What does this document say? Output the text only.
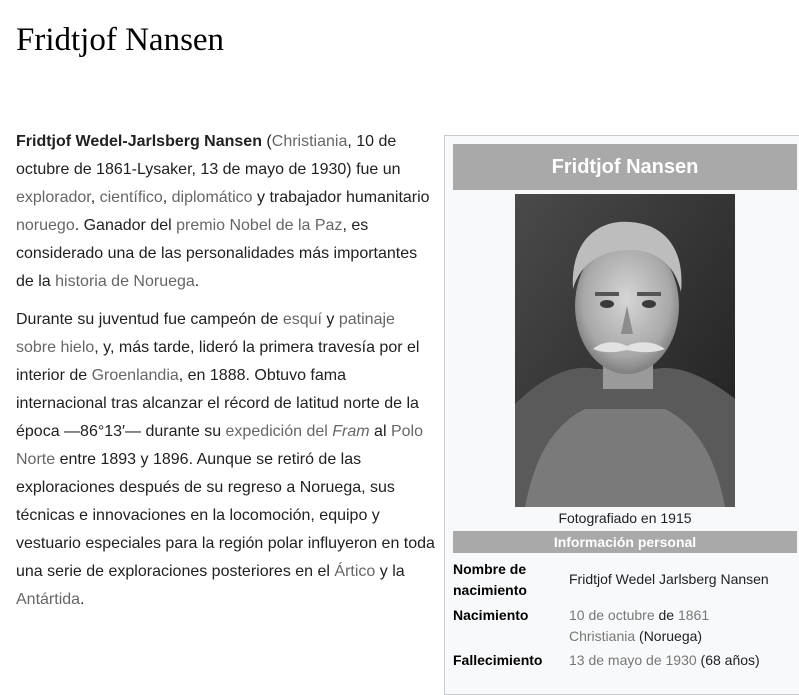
Fridtjof Nansen

Fridtjof Wedel-Jarlsberg Nansen (Christiania, 10 de octubre de 1861-Lysaker, 13 de mayo de 1930) fue un explorador, científico, diplomático y trabajador humanitario noruego. Ganador del premio Nobel de la Paz, es considerado una de las personalidades más importantes de la historia de Noruega.

Durante su juventud fue campeón de esquí y patinaje sobre hielo, y, más tarde, lideró la primera travesía por el interior de Groenlandia, en 1888. Obtuvo fama internacional tras alcanzar el récord de latitud norte de la época —86°13′— durante su expedición del Fram al Polo Norte entre 1893 y 1896. Aunque se retiró de las exploraciones después de su regreso a Noruega, sus técnicas e innovaciones en la locomoción, equipo y vestuario especiales para la región polar influyeron en toda una serie de exploraciones posteriores en el Ártico y la Antártida.

Fridtjof Nansen
Fotografiado en 1915
Información personal
Nombre de nacimiento
Fridtjof Wedel Jarlsberg Nansen
Nacimiento	10 de octubre de 1861
Christiania (Noruega)
Fallecimiento	13 de mayo de 1930 (68 años)
